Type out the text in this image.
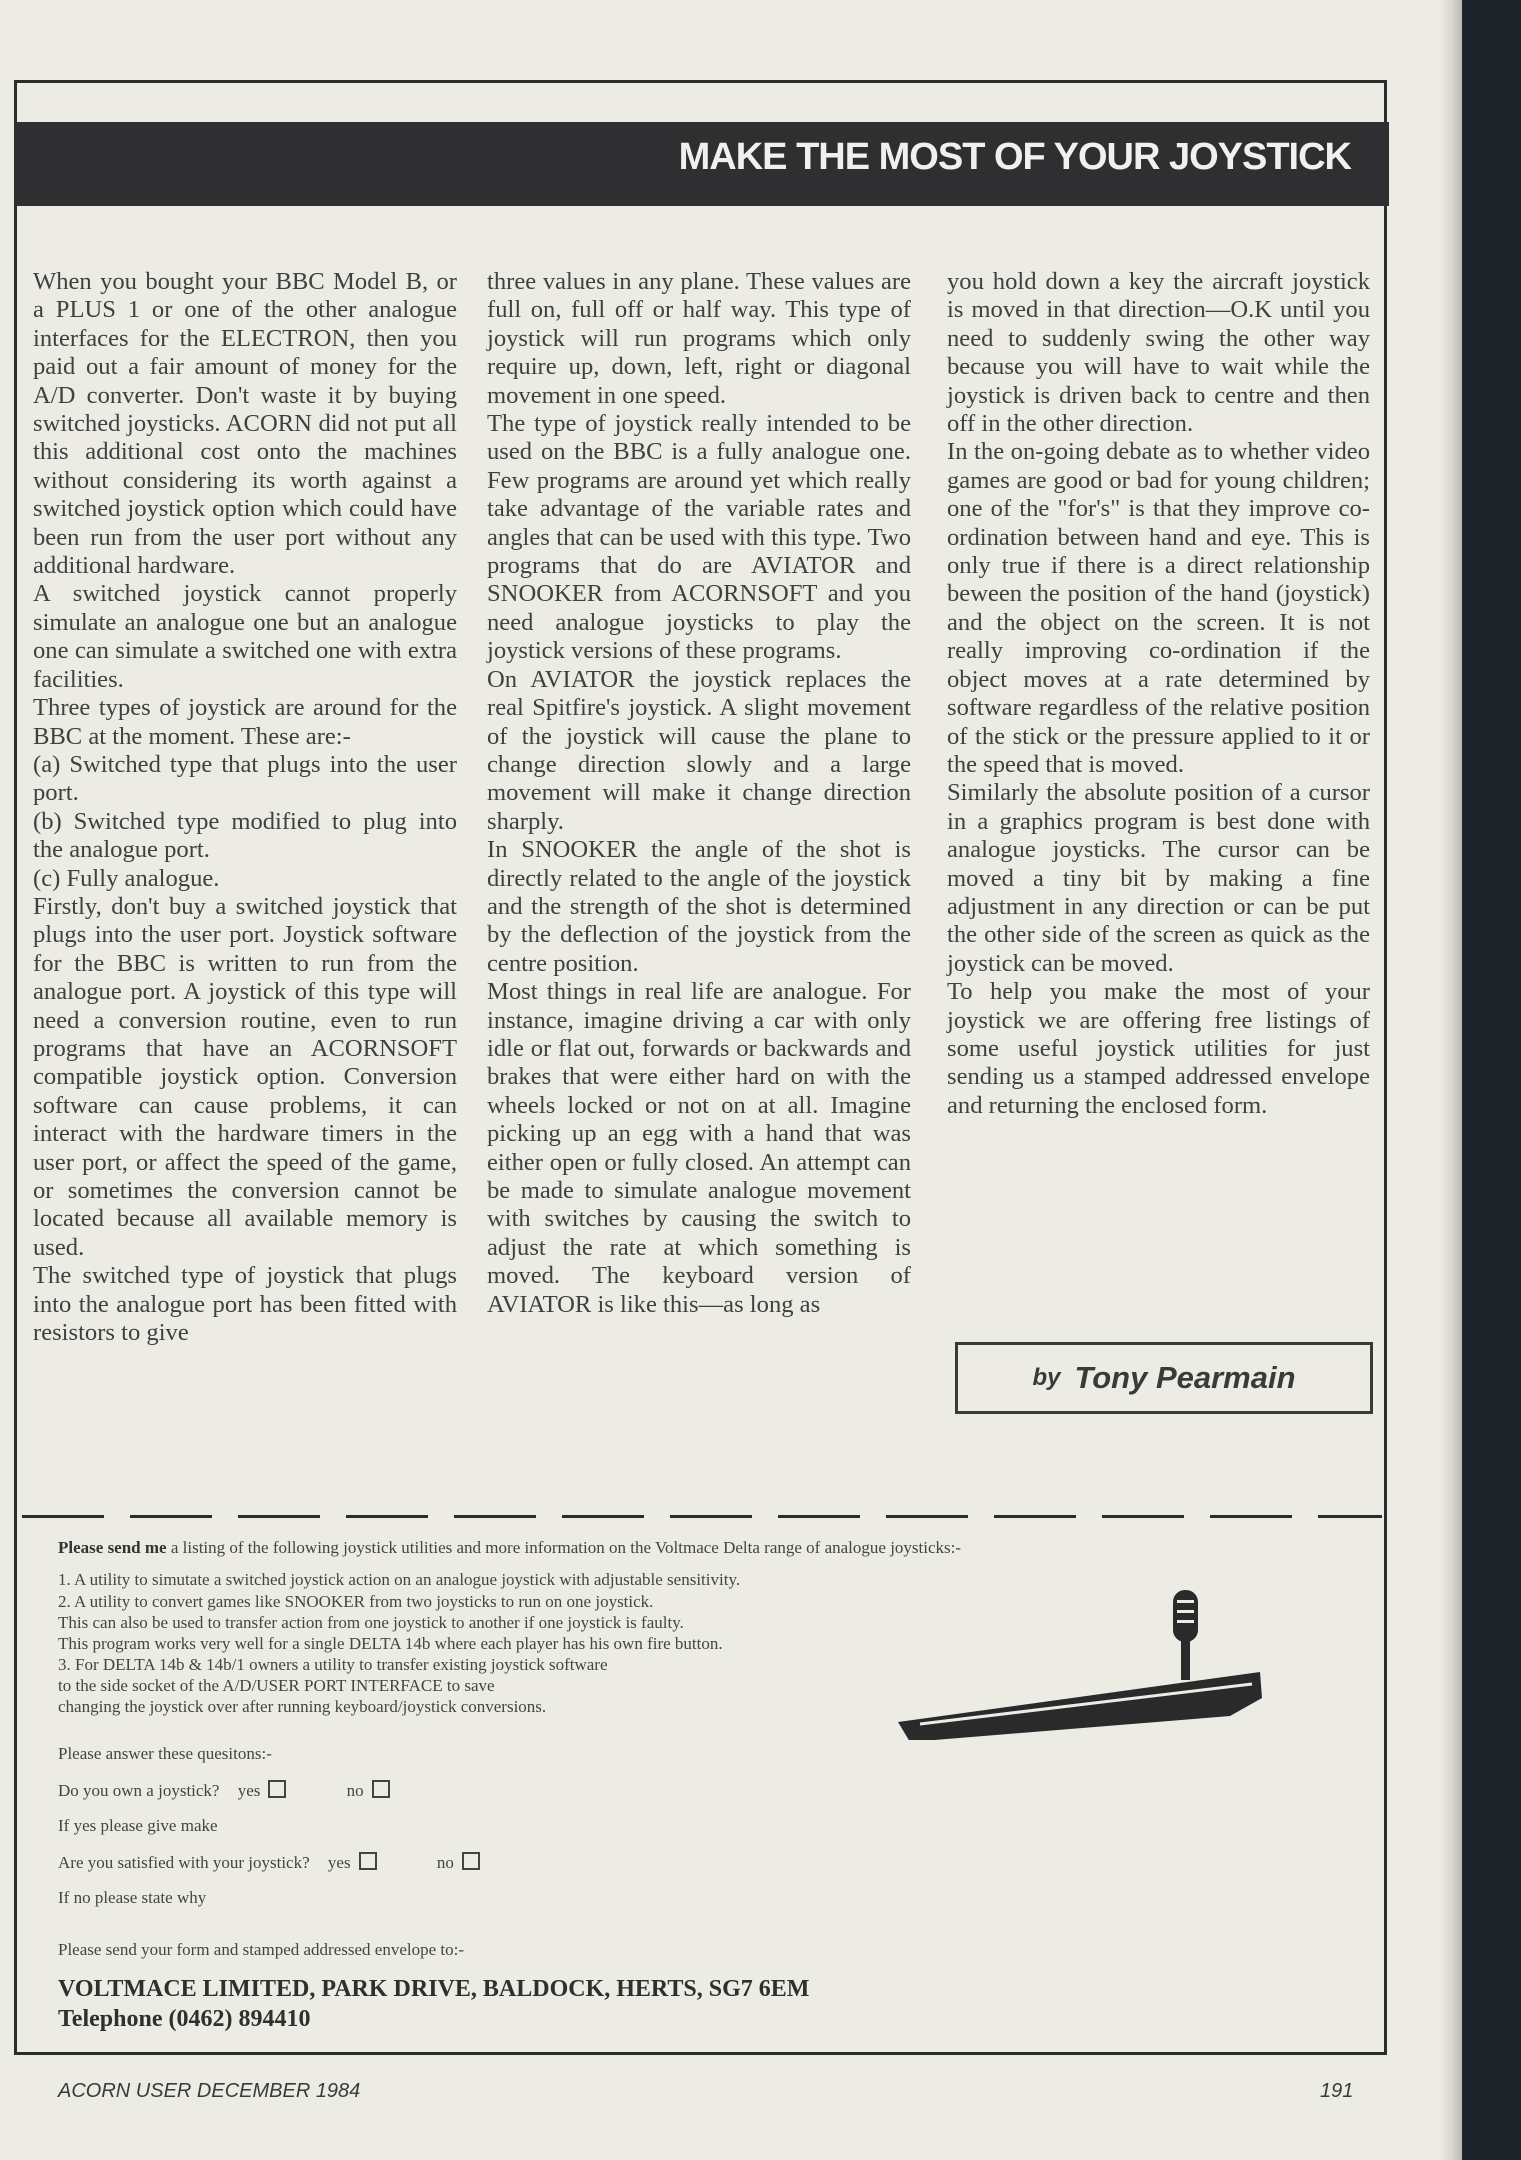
MAKE THE MOST OF YOUR JOYSTICK

When you bought your BBC Model B, or a PLUS 1 or one of the other analogue interfaces for the ELECTRON, then you paid out a fair amount of money for the A/D converter. Don't waste it by buying switched joysticks. ACORN did not put all this additional cost onto the machines without considering its worth against a switched joystick option which could have been run from the user port without any additional hardware.

A switched joystick cannot properly simulate an analogue one but an analogue one can simulate a switched one with extra facilities.

Three types of joystick are around for the BBC at the moment. These are:-

(a) Switched type that plugs into the user port.

(b) Switched type modified to plug into the analogue port.

(c) Fully analogue.

Firstly, don't buy a switched joystick that plugs into the user port. Joystick software for the BBC is written to run from the analogue port. A joystick of this type will need a conversion routine, even to run programs that have an ACORNSOFT compatible joystick option. Conversion software can cause problems, it can interact with the hardware timers in the user port, or affect the speed of the game, or sometimes the conversion cannot be located because all available memory is used.

The switched type of joystick that plugs into the analogue port has been fitted with resistors to give

three values in any plane. These values are full on, full off or half way. This type of joystick will run programs which only require up, down, left, right or diagonal movement in one speed.

The type of joystick really intended to be used on the BBC is a fully analogue one. Few programs are around yet which really take advantage of the variable rates and angles that can be used with this type. Two programs that do are AVIATOR and SNOOKER from ACORNSOFT and you need analogue joysticks to play the joystick versions of these programs.

On AVIATOR the joystick replaces the real Spitfire's joystick. A slight movement of the joystick will cause the plane to change direction slowly and a large movement will make it change direction sharply.

In SNOOKER the angle of the shot is directly related to the angle of the joystick and the strength of the shot is determined by the deflection of the joystick from the centre position.

Most things in real life are analogue. For instance, imagine driving a car with only idle or flat out, forwards or backwards and brakes that were either hard on with the wheels locked or not on at all. Imagine picking up an egg with a hand that was either open or fully closed. An attempt can be made to simulate analogue movement with switches by causing the switch to adjust the rate at which something is moved. The keyboard version of AVIATOR is like this—as long as

you hold down a key the aircraft joystick is moved in that direction—O.K until you need to suddenly swing the other way because you will have to wait while the joystick is driven back to centre and then off in the other direction.

In the on-going debate as to whether video games are good or bad for young children; one of the "for's" is that they improve co-ordination between hand and eye. This is only true if there is a direct relationship beween the position of the hand (joystick) and the object on the screen. It is not really improving co-ordination if the object moves at a rate determined by software regardless of the relative position of the stick or the pressure applied to it or the speed that is moved.

Similarly the absolute position of a cursor in a graphics program is best done with analogue joysticks. The cursor can be moved a tiny bit by making a fine adjustment in any direction or can be put the other side of the screen as quick as the joystick can be moved.

To help you make the most of your joystick we are offering free listings of some useful joystick utilities for just sending us a stamped addressed envelope and returning the enclosed form.

by Tony Pearmain
Please send me a listing of the following joystick utilities and more information on the Voltmace Delta range of analogue joysticks:-
1. A utility to simutate a switched joystick action on an analogue joystick with adjustable sensitivity.
2. A utility to convert games like SNOOKER from two joysticks to run on one joystick.
This can also be used to transfer action from one joystick to another if one joystick is faulty.
This program works very well for a single DELTA 14b where each player has his own fire button.
3. For DELTA 14b & 14b/1 owners a utility to transfer existing joystick software
to the side socket of the A/D/USER PORT INTERFACE to save
changing the joystick over after running keyboard/joystick conversions.
Please answer these quesitons:-
Do you own a joystick? yes	no
If yes please give make
Are you satisfied with your joystick? yes	no
If no please state why
Please send your form and stamped addressed envelope to:-
VOLTMACE LIMITED, PARK DRIVE, BALDOCK, HERTS, SG7 6EM
Telephone (0462) 894410
ACORN USER DECEMBER 1984	191
